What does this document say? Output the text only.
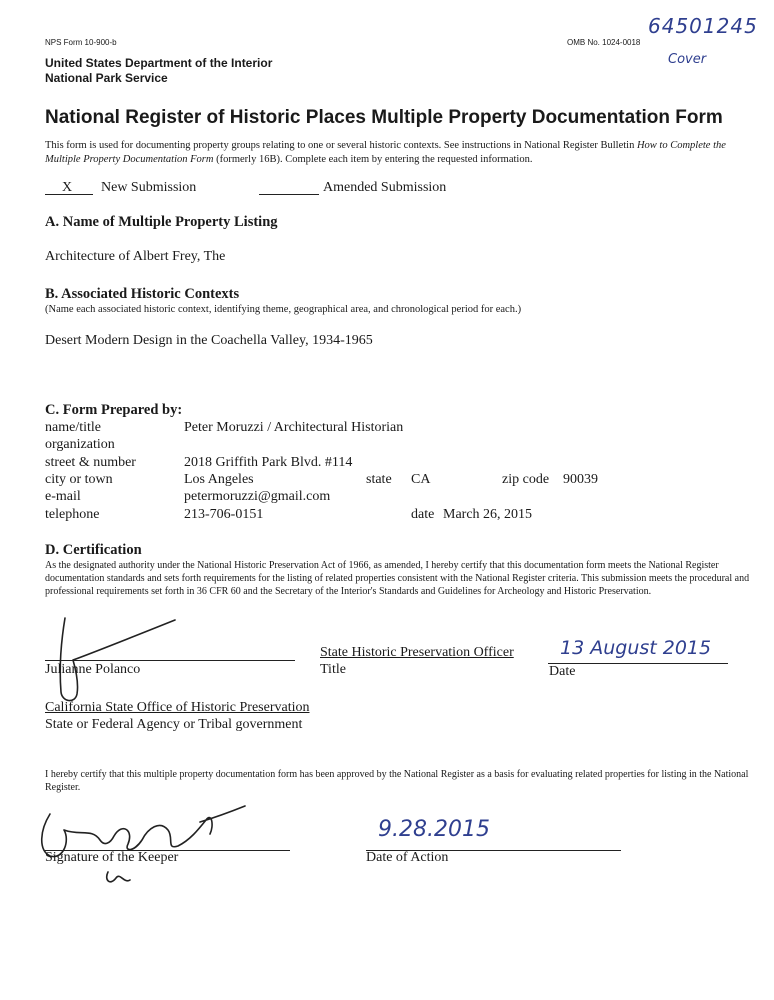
NPS Form 10-900-b	OMB No. 1024-0018
64501245
Cover
United States Department of the Interior
National Park Service
National Register of Historic Places Multiple Property Documentation Form
This form is used for documenting property groups relating to one or several historic contexts. See instructions in National Register Bulletin How to Complete the Multiple Property Documentation Form (formerly 16B). Complete each item by entering the requested information.
X New Submission	Amended Submission
A. Name of Multiple Property Listing
Architecture of Albert Frey, The
B. Associated Historic Contexts
(Name each associated historic context, identifying theme, geographical area, and chronological period for each.)
Desert Modern Design in the Coachella Valley, 1934-1965
C. Form Prepared by:
name/title	Peter Moruzzi / Architectural Historian
organization
street & number	2018 Griffith Park Blvd. #114
city or town	Los Angeles	state CA	zip code 90039
e-mail	petermoruzzi@gmail.com
telephone	213-706-0151	date March 26, 2015
D. Certification
As the designated authority under the National Historic Preservation Act of 1966, as amended, I hereby certify that this documentation form meets the National Register documentation standards and sets forth requirements for the listing of related properties consistent with the National Register criteria. This submission meets the procedural and professional requirements set forth in 36 CFR 60 and the Secretary of the Interior's Standards and Guidelines for Archeology and Historic Preservation.
Julianne Polanco
State Historic Preservation Officer
Title
13 August 2015
Date
California State Office of Historic Preservation
State or Federal Agency or Tribal government
I hereby certify that this multiple property documentation form has been approved by the National Register as a basis for evaluating related properties for listing in the National Register.
Signature of the Keeper
9.28.2015
Date of Action
